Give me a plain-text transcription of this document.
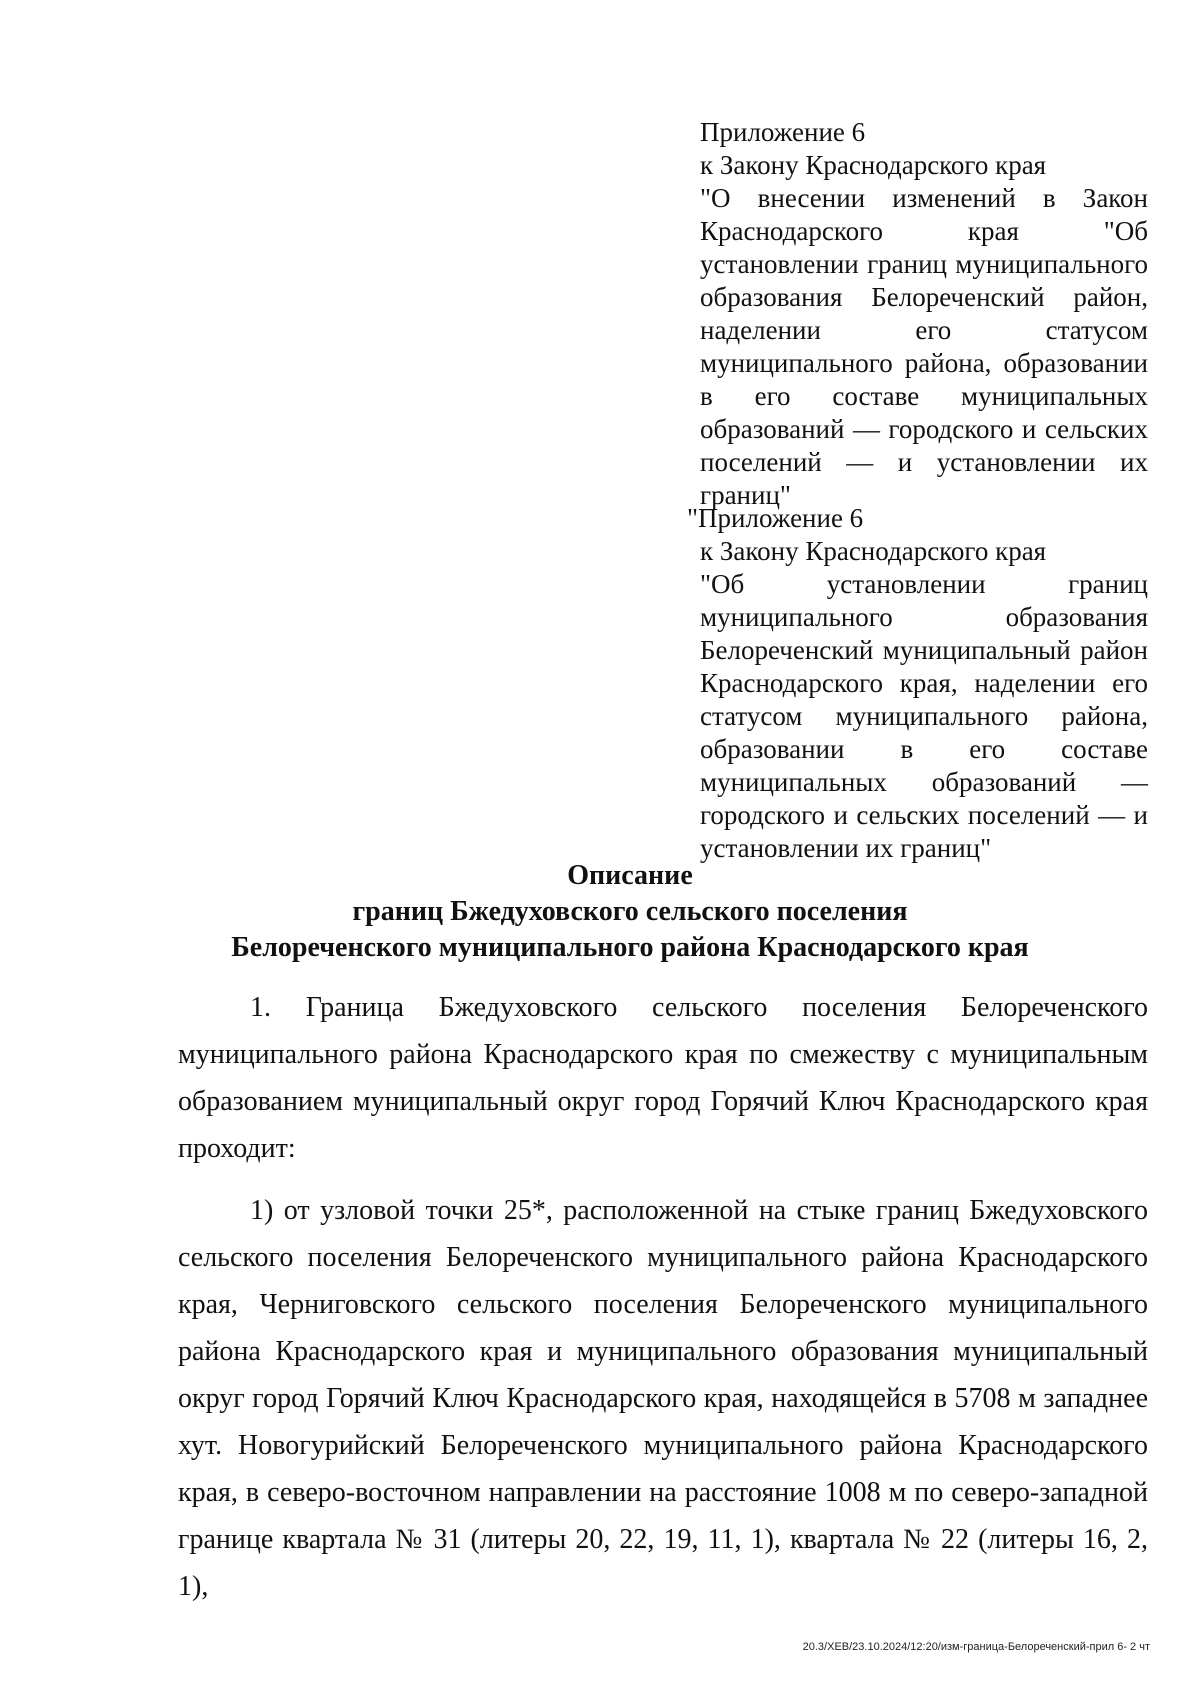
Приложение 6

к Закону Краснодарского края

"О внесении изменений в Закон Краснодарского края "Об установлении границ муниципального образования Белореченский район, наделении его статусом муниципального района, образовании в его составе муниципальных образований — городского и сельских поселений — и установлении их границ"

"Приложение 6

к Закону Краснодарского края

"Об установлении границ муниципального образования Белореченский муниципальный район Краснодарского края, наделении его статусом муниципального района, образовании в его составе муниципальных образований — городского и сельских поселений — и установлении их границ"

Описание
границ Бжедуховского сельского поселения
Белореченского муниципального района Краснодарского края

1. Граница Бжедуховского сельского поселения Белореченского муниципального района Краснодарского края по смежеству с муниципальным образованием муниципальный округ город Горячий Ключ Краснодарского края проходит:

1) от узловой точки 25*, расположенной на стыке границ Бжедуховского сельского поселения Белореченского муниципального района Краснодарского края, Черниговского сельского поселения Белореченского муниципального района Краснодарского края и муниципального образования муниципальный округ город Горячий Ключ Краснодарского края, находящейся в 5708 м западнее хут. Новогурийский Белореченского муниципального района Краснодарского края, в северо-восточном направлении на расстояние 1008 м по северо-западной границе квартала № 31 (литеры 20, 22, 19, 11, 1), квартала № 22 (литеры 16, 2, 1),

20.3/ХЕВ/23.10.2024/12:20/изм-граница-Белореченский-прил 6- 2 чт
